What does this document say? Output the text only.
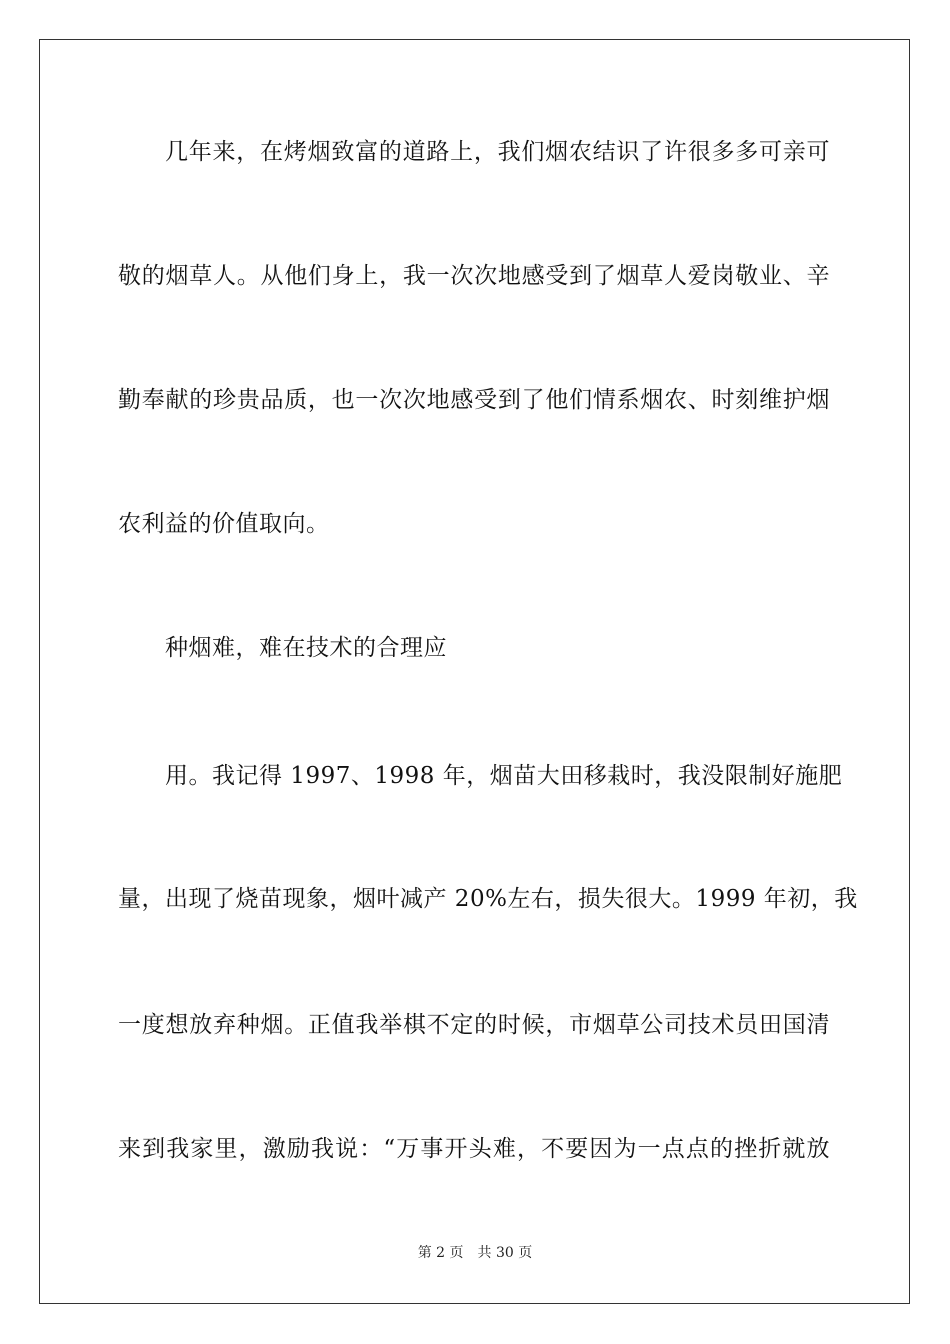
几年来，在烤烟致富的道路上，我们烟农结识了许很多多可亲可
敬的烟草人。从他们身上，我一次次地感受到了烟草人爱岗敬业、辛
勤奉献的珍贵品质，也一次次地感受到了他们情系烟农、时刻维护烟
农利益的价值取向。
种烟难，难在技术的合理应
用。我记得 1997、1998 年，烟苗大田移栽时，我没限制好施肥
量，出现了烧苗现象，烟叶减产 20%左右，损失很大。1999 年初，我
一度想放弃种烟。正值我举棋不定的时候，市烟草公司技术员田国清
来到我家里，激励我说：“万事开头难，不要因为一点点的挫折就放
第 2 页 共 30 页
